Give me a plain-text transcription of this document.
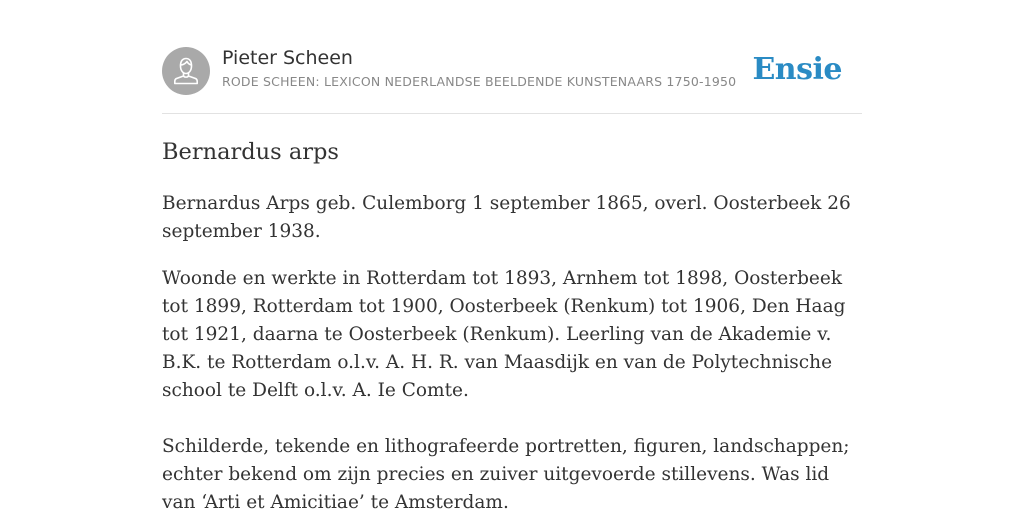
Pieter Scheen
RODE SCHEEN: LEXICON NEDERLANDSE BEELDENDE KUNSTENAARS 1750-1950 Ensie
Bernardus arps

Bernardus Arps geb. Culemborg 1 september 1865, overl. Oosterbeek 26 september 1938.

Woonde en werkte in Rotterdam tot 1893, Arnhem tot 1898, Oosterbeek tot 1899, Rotterdam tot 1900, Oosterbeek (Renkum) tot 1906, Den Haag tot 1921, daarna te Oosterbeek (Renkum). Leerling van de Akademie v. B.K. te Rotterdam o.l.v. A. H. R. van Maasdijk en van de Polytechnische school te Delft o.l.v. A. Ie Comte.

Schilderde, tekende en lithografeerde portretten, figuren, landschappen; echter bekend om zijn precies en zuiver uitgevoerde stillevens. Was lid van ‘Arti et Amicitiae’ te Amsterdam.
